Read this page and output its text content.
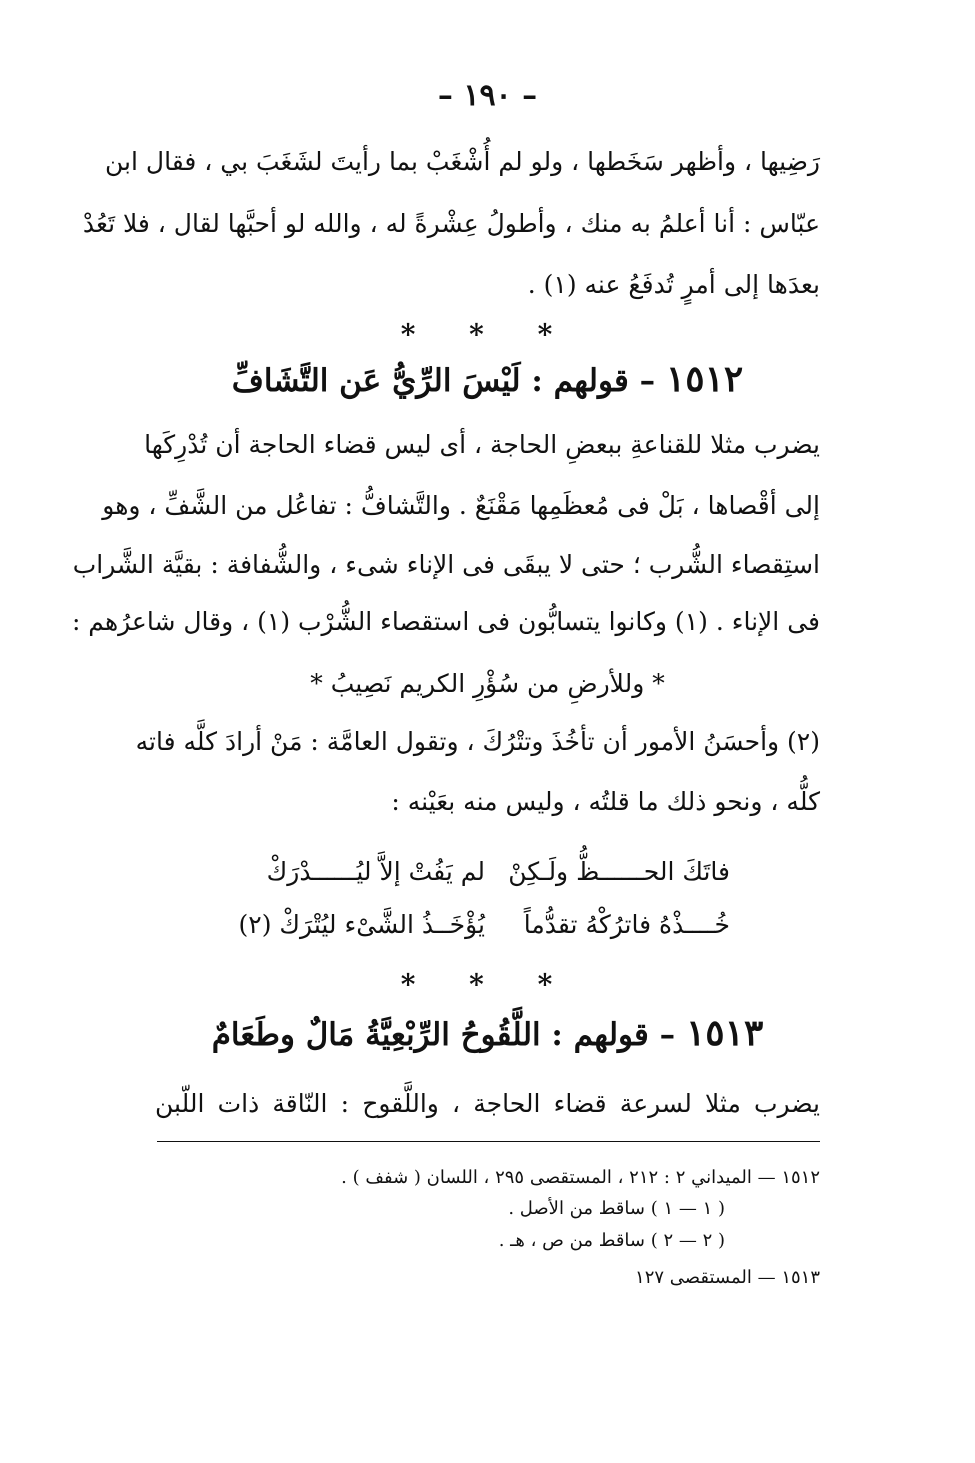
– ١٩٠ –
رَضِيها ، وأظهر سَخَطها ، ولو لم أُشْغَبْ بما رأيتَ لشَغَبَ بي ، فقال ابن
عبّاس : أنا أعلمُ به منك ، وأطولُ عِشْرةً له ، والله لو أحبَّها لقال ، فلا تَعُدْ
بعدَها إلى أمرٍ تُدفَعُ عنه (١) .
* * *
١٥١٢ – قولهم : لَيْسَ الرِّيُّ عَن التَّشَافِّ
يضرب مثلا للقناعةِ ببعضِ الحاجة ، أى ليس قضاء الحاجة أن تُدْرِكَها
إلى أقْصاها ، بَلْ فى مُعظَمِها مَقْنَعٌ . والتَّشافُّ : تفاعُل من الشَّفِّ ، وهو
استِقصاء الشُّرب ؛ حتى لا يبقَى فى الإناء شىء ، والشُّفافة : بقيَّة الشَّراب
فى الإناء . (١) وكانوا يتسابُّون فى استقصاء الشُّرْب (١) ، وقال شاعرُهم :
* وللأرضِ من سُؤْرِ الكريم نَصِيبُ *
(٢) وأحسَنُ الأمور أن تأخُذَ وتتْرُكَ ، وتقول العامَّة : مَنْ أرادَ كلَّه فاته
كلُّه ، ونحو ذلك ما قلتُه ، وليس منه بعَيْنه :
فاتَكَ الحــــــظُّ ولَـكِنْ
لم يَفُتْ إلاَّ ليُــــــدْرَكْ
خُــــذْهُ فاترُكْهُ تقدُّماً
يُؤْخَــذُ الشَّىْء ليُتْرَكْ (٢)
* * *
١٥١٣ – قولهم : اللَّقُوحُ الرِّبْعِيَّةُ مَالٌ وطَعَامٌ
يضرب مثلا لسرعة قضاء الحاجة ، واللَّقوح : النّاقة ذات اللّبن
١٥١٢ — الميداني ٢ : ٢١٢ ، المستقصى ٢٩٥ ، اللسان ( شفف ) .
( ١ — ١ ) ساقط من الأصل .
( ٢ — ٢ ) ساقط من ص ، هـ .
١٥١٣ — المستقصى ١٢٧
